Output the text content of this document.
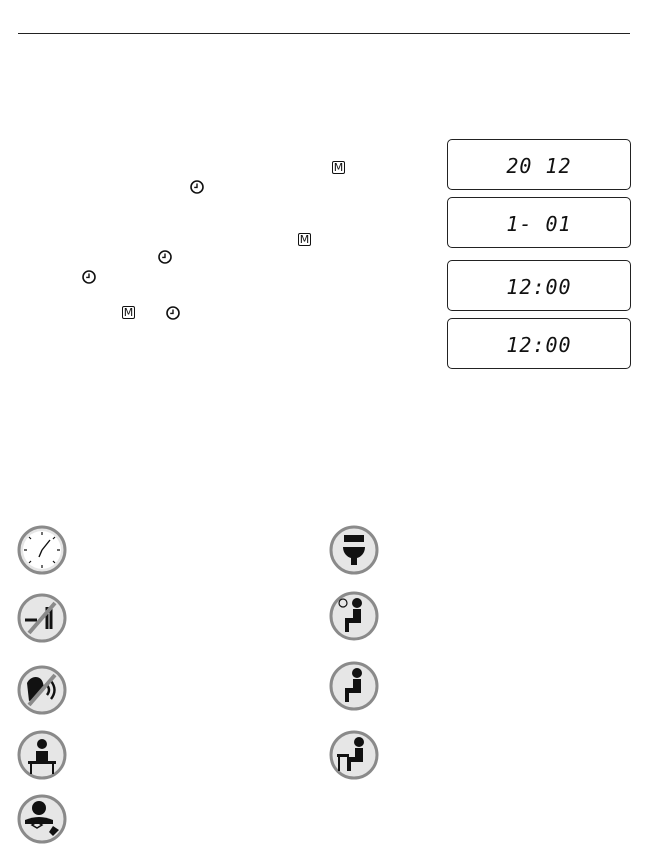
M
M
M
20 12
1- 01
12:00
12:00
